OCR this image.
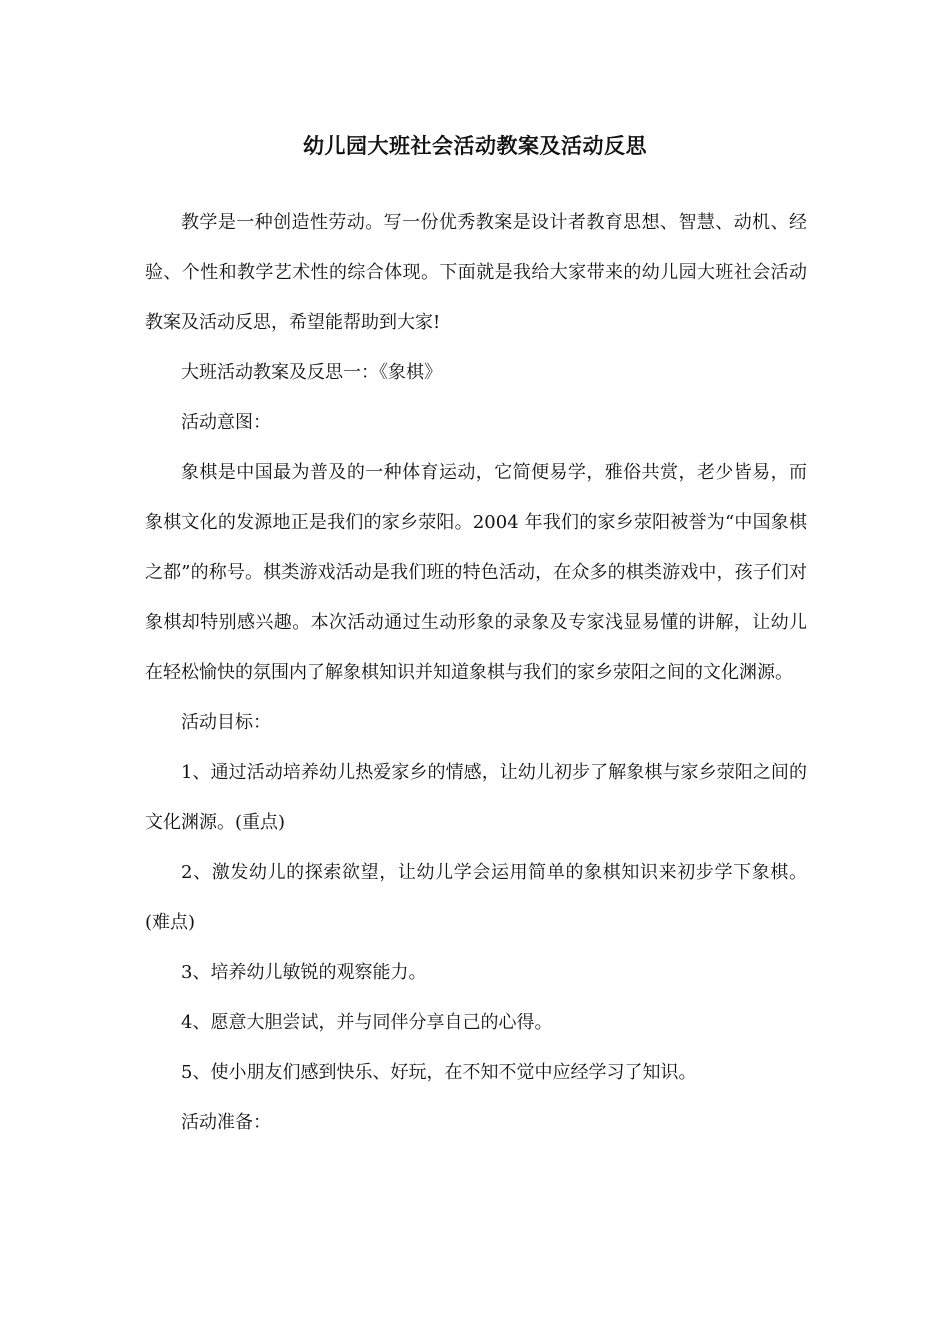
幼儿园大班社会活动教案及活动反思

教学是一种创造性劳动。写一份优秀教案是设计者教育思想、智慧、动机、经验、个性和教学艺术性的综合体现。下面就是我给大家带来的幼儿园大班社会活动教案及活动反思，希望能帮助到大家!

大班活动教案及反思一：《象棋》

活动意图：

象棋是中国最为普及的一种体育运动，它简便易学，雅俗共赏，老少皆易，而象棋文化的发源地正是我们的家乡荥阳。2004 年我们的家乡荥阳被誉为“中国象棋之都”的称号。棋类游戏活动是我们班的特色活动，在众多的棋类游戏中，孩子们对象棋却特别感兴趣。本次活动通过生动形象的录象及专家浅显易懂的讲解，让幼儿在轻松愉快的氛围内了解象棋知识并知道象棋与我们的家乡荥阳之间的文化渊源。

活动目标：

1、通过活动培养幼儿热爱家乡的情感，让幼儿初步了解象棋与家乡荥阳之间的文化渊源。(重点)

2、激发幼儿的探索欲望，让幼儿学会运用简单的象棋知识来初步学下象棋。(难点)

3、培养幼儿敏锐的观察能力。

4、愿意大胆尝试，并与同伴分享自己的心得。

5、使小朋友们感到快乐、好玩，在不知不觉中应经学习了知识。

活动准备：
